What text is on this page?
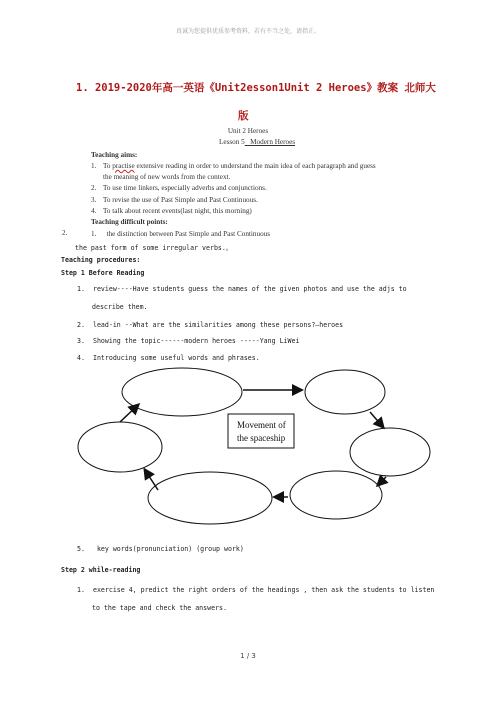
真诚为您提供优质参考资料，若有不当之处，请指正。
1. 2019-2020年高一英语《Unit2esson1Unit 2 Heroes》教案 北师大
版
Unit 2 Heroes
Lesson 5 Modern Heroes
Teaching aims:
1. To practise extensive reading in order to understand the main idea of each paragraph and guess
the meaning of new words from the context.
2. To use time linkers, especially adverbs and conjunctions.
3. To revise the use of Past Simple and Past Continuous.
4. To talk about recent events(last night, this morning)
Teaching difficult points:
2.	1. the distinction between Past Simple and Past Continuous
the past form of some irregular verbs.。
Teaching procedures:
Step 1 Before Reading
1. review----Have students guess the names of the given photos and use the adjs to
describe them.
2. lead-in --What are the similarities among these persons?—heroes
3. Showing the topic------modern heroes -----Yang LiWei
4. Introducing some useful words and phrases.
Movement of
the spaceship
5. key words(pronunciation) (group work)
Step 2 while-reading
1. exercise 4, predict the right orders of the headings , then ask the students to listen
to the tape and check the answers.
1 / 3
